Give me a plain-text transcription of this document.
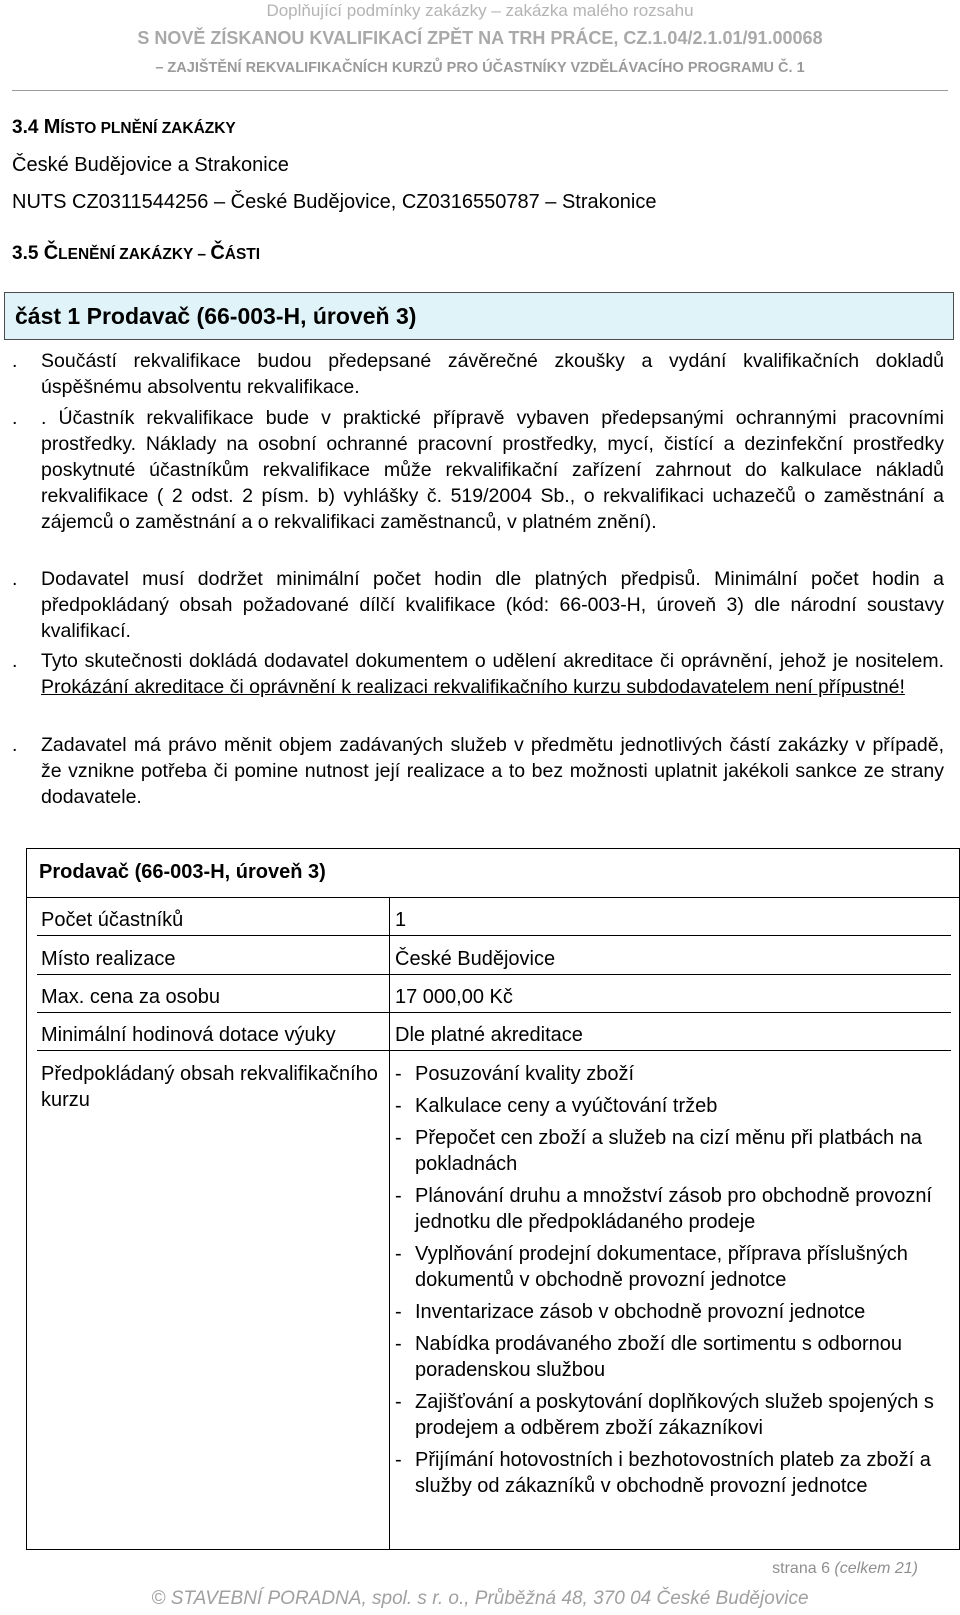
Doplňující podmínky zakázky – zakázka malého rozsahu
S NOVĚ ZÍSKANOU KVALIFIKACÍ ZPĚT NA TRH PRÁCE, CZ.1.04/2.1.01/91.00068
– ZAJIŠTĚNÍ REKVALIFIKAČNÍCH KURZŮ PRO ÚČASTNÍKY VZDĚLÁVACÍHO PROGRAMU Č. 1
3.4 MÍSTO PLNĚNÍ ZAKÁZKY
České Budějovice a Strakonice
NUTS CZ0311544256 – České Budějovice, CZ0316550787 – Strakonice
3.5 ČLENĚNÍ ZAKÁZKY – ČÁSTI
část 1 Prodavač (66-003-H, úroveň 3)
. Součástí rekvalifikace budou předepsané závěrečné zkoušky a vydání kvalifikačních dokladů úspěšnému absolventu rekvalifikace.
. . Účastník rekvalifikace bude v praktické přípravě vybaven předepsanými ochrannými pracovními prostředky. Náklady na osobní ochranné pracovní prostředky, mycí, čistící a dezinfekční prostředky poskytnuté účastníkům rekvalifikace může rekvalifikační zařízení zahrnout do kalkulace nákladů rekvalifikace ( 2 odst. 2 písm. b) vyhlášky č. 519/2004 Sb., o rekvalifikaci uchazečů o zaměstnání a zájemců o zaměstnání a o rekvalifikaci zaměstnanců, v platném znění).
. Dodavatel musí dodržet minimální počet hodin dle platných předpisů. Minimální počet hodin a předpokládaný obsah požadované dílčí kvalifikace (kód: 66-003-H, úroveň 3) dle národní soustavy kvalifikací.
. Tyto skutečnosti dokládá dodavatel dokumentem o udělení akreditace či oprávnění, jehož je nositelem. Prokázání akreditace či oprávnění k realizaci rekvalifikačního kurzu subdodavatelem není přípustné!
. Zadavatel má právo měnit objem zadávaných služeb v předmětu jednotlivých částí zakázky v případě, že vznikne potřeba či pomine nutnost její realizace a to bez možnosti uplatnit jakékoli sankce ze strany dodavatele.
Prodavač (66-003-H, úroveň 3)
Počet účastníků	1
Místo realizace	České Budějovice
Max. cena za osobu	17 000,00 Kč
Minimální hodinová dotace výuky	Dle platné akreditace
Předpokládaný obsah rekvalifikačního kurzu
- Posuzování kvality zboží
- Kalkulace ceny a vyúčtování tržeb
- Přepočet cen zboží a služeb na cizí měnu při platbách na pokladnách
- Plánování druhu a množství zásob pro obchodně provozní jednotku dle předpokládaného prodeje
- Vyplňování prodejní dokumentace, příprava příslušných dokumentů v obchodně provozní jednotce
- Inventarizace zásob v obchodně provozní jednotce
- Nabídka prodávaného zboží dle sortimentu s odbornou poradenskou službou
- Zajišťování a poskytování doplňkových služeb spojených s prodejem a odběrem zboží zákazníkovi
- Přijímání hotovostních i bezhotovostních plateb za zboží a služby od zákazníků v obchodně provozní jednotce
strana 6 (celkem 21)
© STAVEBNÍ PORADNA, spol. s r. o., Průběžná 48, 370 04 České Budějovice
